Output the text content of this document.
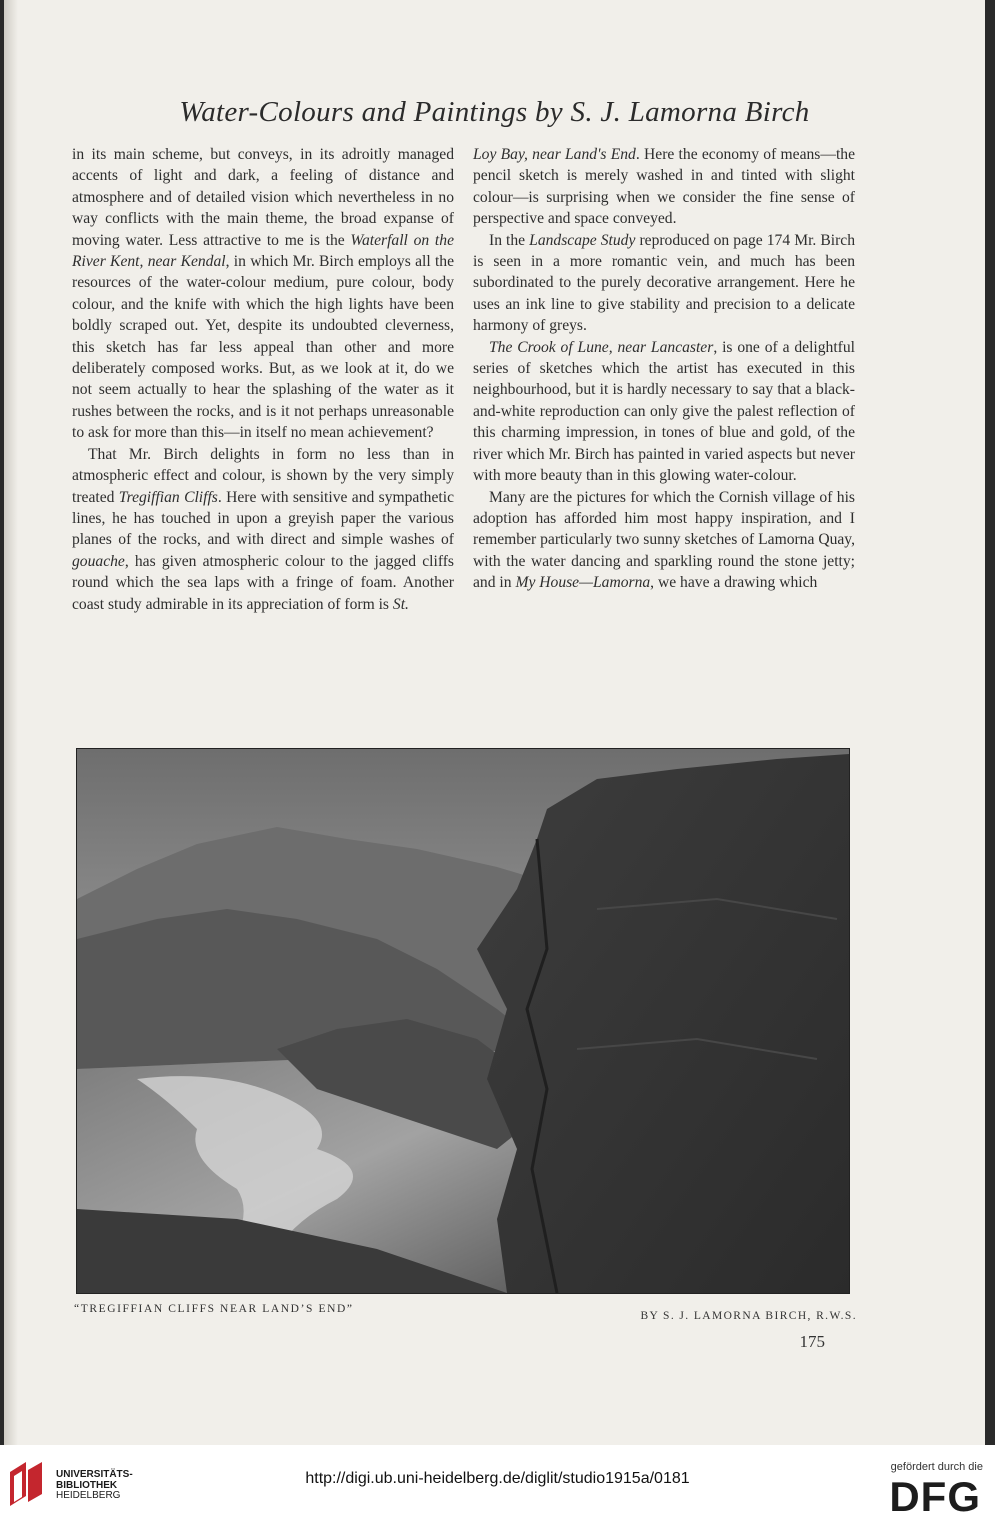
Water-Colours and Paintings by S. J. Lamorna Birch

in its main scheme, but conveys, in its adroitly managed accents of light and dark, a feeling of distance and atmosphere and of detailed vision which nevertheless in no way conflicts with the main theme, the broad expanse of moving water. Less attractive to me is the Waterfall on the River Kent, near Kendal, in which Mr. Birch employs all the resources of the water-colour medium, pure colour, body colour, and the knife with which the high lights have been boldly scraped out. Yet, despite its undoubted cleverness, this sketch has far less appeal than other and more deliberately composed works. But, as we look at it, do we not seem actually to hear the splashing of the water as it rushes between the rocks, and is it not perhaps unreasonable to ask for more than this—in itself no mean achievement?

That Mr. Birch delights in form no less than in atmospheric effect and colour, is shown by the very simply treated Tregiffian Cliffs. Here with sensitive and sympathetic lines, he has touched in upon a greyish paper the various planes of the rocks, and with direct and simple washes of gouache, has given atmospheric colour to the jagged cliffs round which the sea laps with a fringe of foam. Another coast study admirable in its appreciation of form is St.

Loy Bay, near Land's End. Here the economy of means—the pencil sketch is merely washed in and tinted with slight colour—is surprising when we consider the fine sense of perspective and space conveyed.

In the Landscape Study reproduced on page 174 Mr. Birch is seen in a more romantic vein, and much has been subordinated to the purely decorative arrangement. Here he uses an ink line to give stability and precision to a delicate harmony of greys.

The Crook of Lune, near Lancaster, is one of a delightful series of sketches which the artist has executed in this neighbourhood, but it is hardly necessary to say that a black-and-white reproduction can only give the palest reflection of this charming impression, in tones of blue and gold, of the river which Mr. Birch has painted in varied aspects but never with more beauty than in this glowing water-colour.

Many are the pictures for which the Cornish village of his adoption has afforded him most happy inspiration, and I remember particularly two sunny sketches of Lamorna Quay, with the water dancing and sparkling round the stone jetty; and in My House—Lamorna, we have a drawing which

“TREGIFFIAN CLIFFS NEAR LAND’S END”
BY S. J. LAMORNA BIRCH, R.W.S.
175
UNIVERSITÄTS-
BIBLIOTHEK
HEIDELBERG
http://digi.ub.uni-heidelberg.de/diglit/studio1915a/0181
gefördert durch die
DFG
